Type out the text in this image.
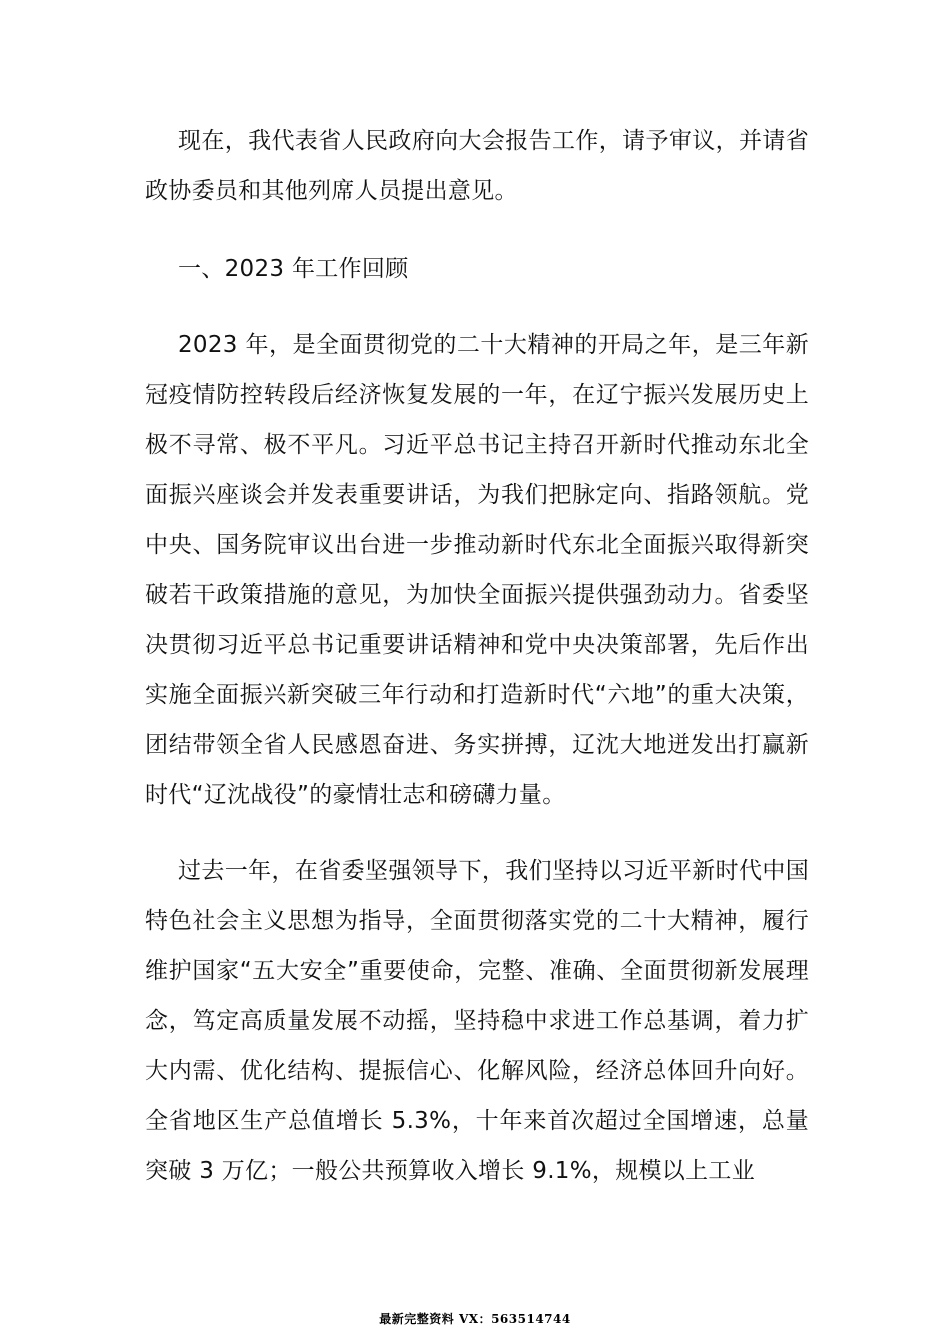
现在，我代表省人民政府向大会报告工作，请予审议，并请省政协委员和其他列席人员提出意见。

一、2023 年工作回顾

2023 年，是全面贯彻党的二十大精神的开局之年，是三年新冠疫情防控转段后经济恢复发展的一年，在辽宁振兴发展历史上极不寻常、极不平凡。习近平总书记主持召开新时代推动东北全面振兴座谈会并发表重要讲话，为我们把脉定向、指路领航。党中央、国务院审议出台进一步推动新时代东北全面振兴取得新突破若干政策措施的意见，为加快全面振兴提供强劲动力。省委坚决贯彻习近平总书记重要讲话精神和党中央决策部署，先后作出实施全面振兴新突破三年行动和打造新时代“六地”的重大决策，团结带领全省人民感恩奋进、务实拼搏，辽沈大地迸发出打赢新时代“辽沈战役”的豪情壮志和磅礴力量。

过去一年，在省委坚强领导下，我们坚持以习近平新时代中国特色社会主义思想为指导，全面贯彻落实党的二十大精神，履行维护国家“五大安全”重要使命，完整、准确、全面贯彻新发展理念，笃定高质量发展不动摇，坚持稳中求进工作总基调，着力扩大内需、优化结构、提振信心、化解风险，经济总体回升向好。全省地区生产总值增长 5.3%，十年来首次超过全国增速，总量突破 3 万亿；一般公共预算收入增长 9.1%，规模以上工业

最新完整资料 VX：563514744
